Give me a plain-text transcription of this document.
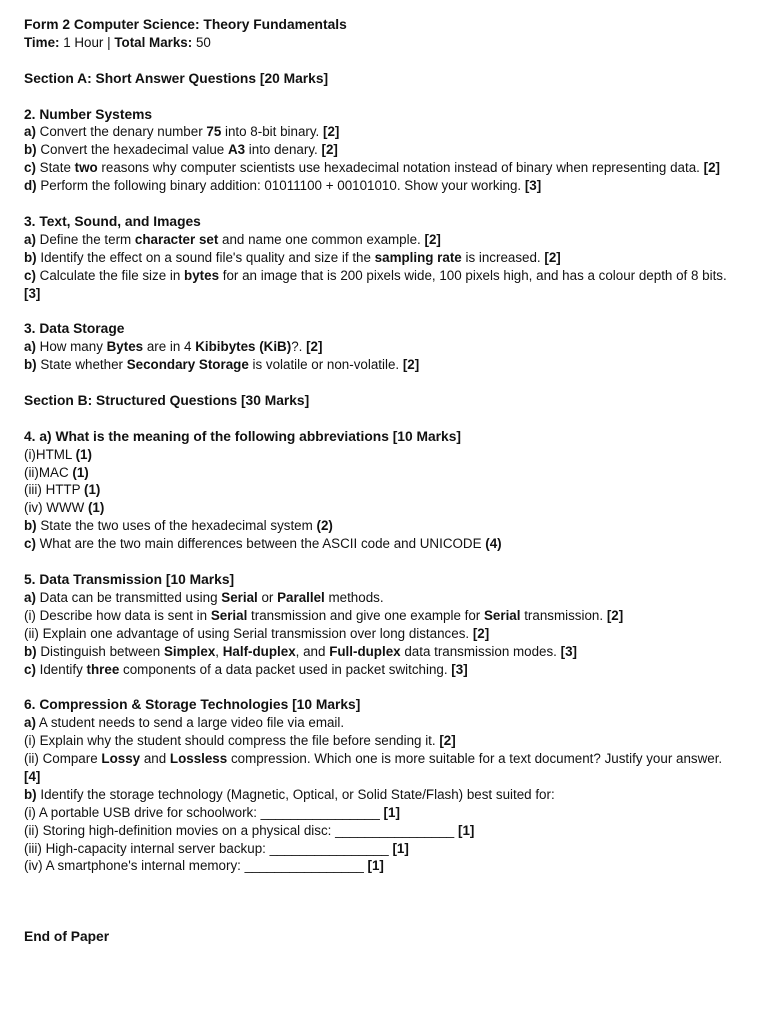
Form 2 Computer Science: Theory Fundamentals

Time: 1 Hour | Total Marks: 50

Section A: Short Answer Questions [20 Marks]

2. Number Systems

a) Convert the denary number 75 into 8-bit binary. [2]

b) Convert the hexadecimal value A3 into denary. [2]

c) State two reasons why computer scientists use hexadecimal notation instead of binary when representing data. [2]

d) Perform the following binary addition: 01011100 + 00101010. Show your working. [3]

3. Text, Sound, and Images

a) Define the term character set and name one common example. [2]

b) Identify the effect on a sound file's quality and size if the sampling rate is increased. [2]

c) Calculate the file size in bytes for an image that is 200 pixels wide, 100 pixels high, and has a colour depth of 8 bits. [3]

3. Data Storage

a) How many Bytes are in 4 Kibibytes (KiB)?. [2]

b) State whether Secondary Storage is volatile or non-volatile. [2]

Section B: Structured Questions [30 Marks]

4. a) What is the meaning of the following abbreviations [10 Marks]

(i)HTML (1)

(ii)MAC (1)

(iii) HTTP (1)

(iv) WWW (1)

b) State the two uses of the hexadecimal system (2)

c) What are the two main differences between the ASCII code and UNICODE (4)

5. Data Transmission [10 Marks]

a) Data can be transmitted using Serial or Parallel methods.

(i) Describe how data is sent in Serial transmission and give one example for Serial transmission. [2]

(ii) Explain one advantage of using Serial transmission over long distances. [2]

b) Distinguish between Simplex, Half-duplex, and Full-duplex data transmission modes. [3]

c) Identify three components of a data packet used in packet switching. [3]

6. Compression & Storage Technologies [10 Marks]

a) A student needs to send a large video file via email.

(i) Explain why the student should compress the file before sending it. [2]

(ii) Compare Lossy and Lossless compression. Which one is more suitable for a text document? Justify your answer. [4]

b) Identify the storage technology (Magnetic, Optical, or Solid State/Flash) best suited for:

(i) A portable USB drive for schoolwork: ________________ [1]

(ii) Storing high-definition movies on a physical disc: ________________ [1]

(iii) High-capacity internal server backup: ________________ [1]

(iv) A smartphone's internal memory: ________________ [1]

End of Paper
